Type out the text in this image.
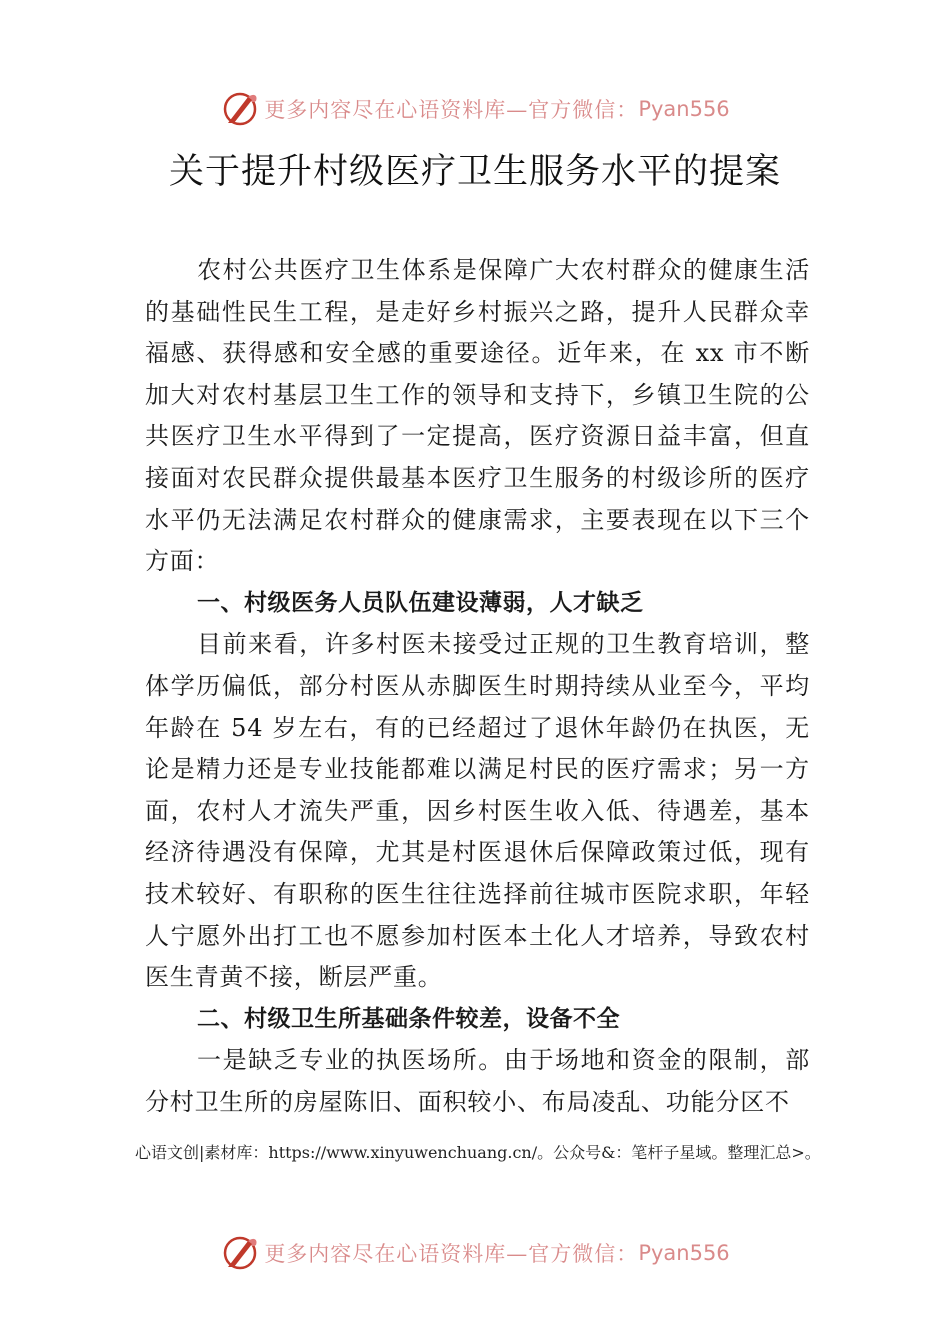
更多内容尽在心语资料库—官方微信： Pyan556
关于提升村级医疗卫生服务水平的提案

农村公共医疗卫生体系是保障广大农村群众的健康生活的基础性民生工程，是走好乡村振兴之路，提升人民群众幸福感、获得感和安全感的重要途径。近年来，在 xx 市不断加大对农村基层卫生工作的领导和支持下，乡镇卫生院的公共医疗卫生水平得到了一定提高，医疗资源日益丰富，但直接面对农民群众提供最基本医疗卫生服务的村级诊所的医疗水平仍无法满足农村群众的健康需求，主要表现在以下三个方面：

一、村级医务人员队伍建设薄弱，人才缺乏

目前来看，许多村医未接受过正规的卫生教育培训，整体学历偏低，部分村医从赤脚医生时期持续从业至今，平均年龄在 54 岁左右，有的已经超过了退休年龄仍在执医，无论是精力还是专业技能都难以满足村民的医疗需求；另一方面，农村人才流失严重，因乡村医生收入低、待遇差，基本经济待遇没有保障，尤其是村医退休后保障政策过低，现有技术较好、有职称的医生往往选择前往城市医院求职，年轻人宁愿外出打工也不愿参加村医本土化人才培养，导致农村医生青黄不接，断层严重。

二、村级卫生所基础条件较差，设备不全

一是缺乏专业的执医场所。由于场地和资金的限制，部分村卫生所的房屋陈旧、面积较小、布局凌乱、功能分区不

心语文创|素材库：https://www.xinyuwenchuang.cn/。公众号&：笔杆子星域。整理汇总>。

更多内容尽在心语资料库—官方微信： Pyan556
